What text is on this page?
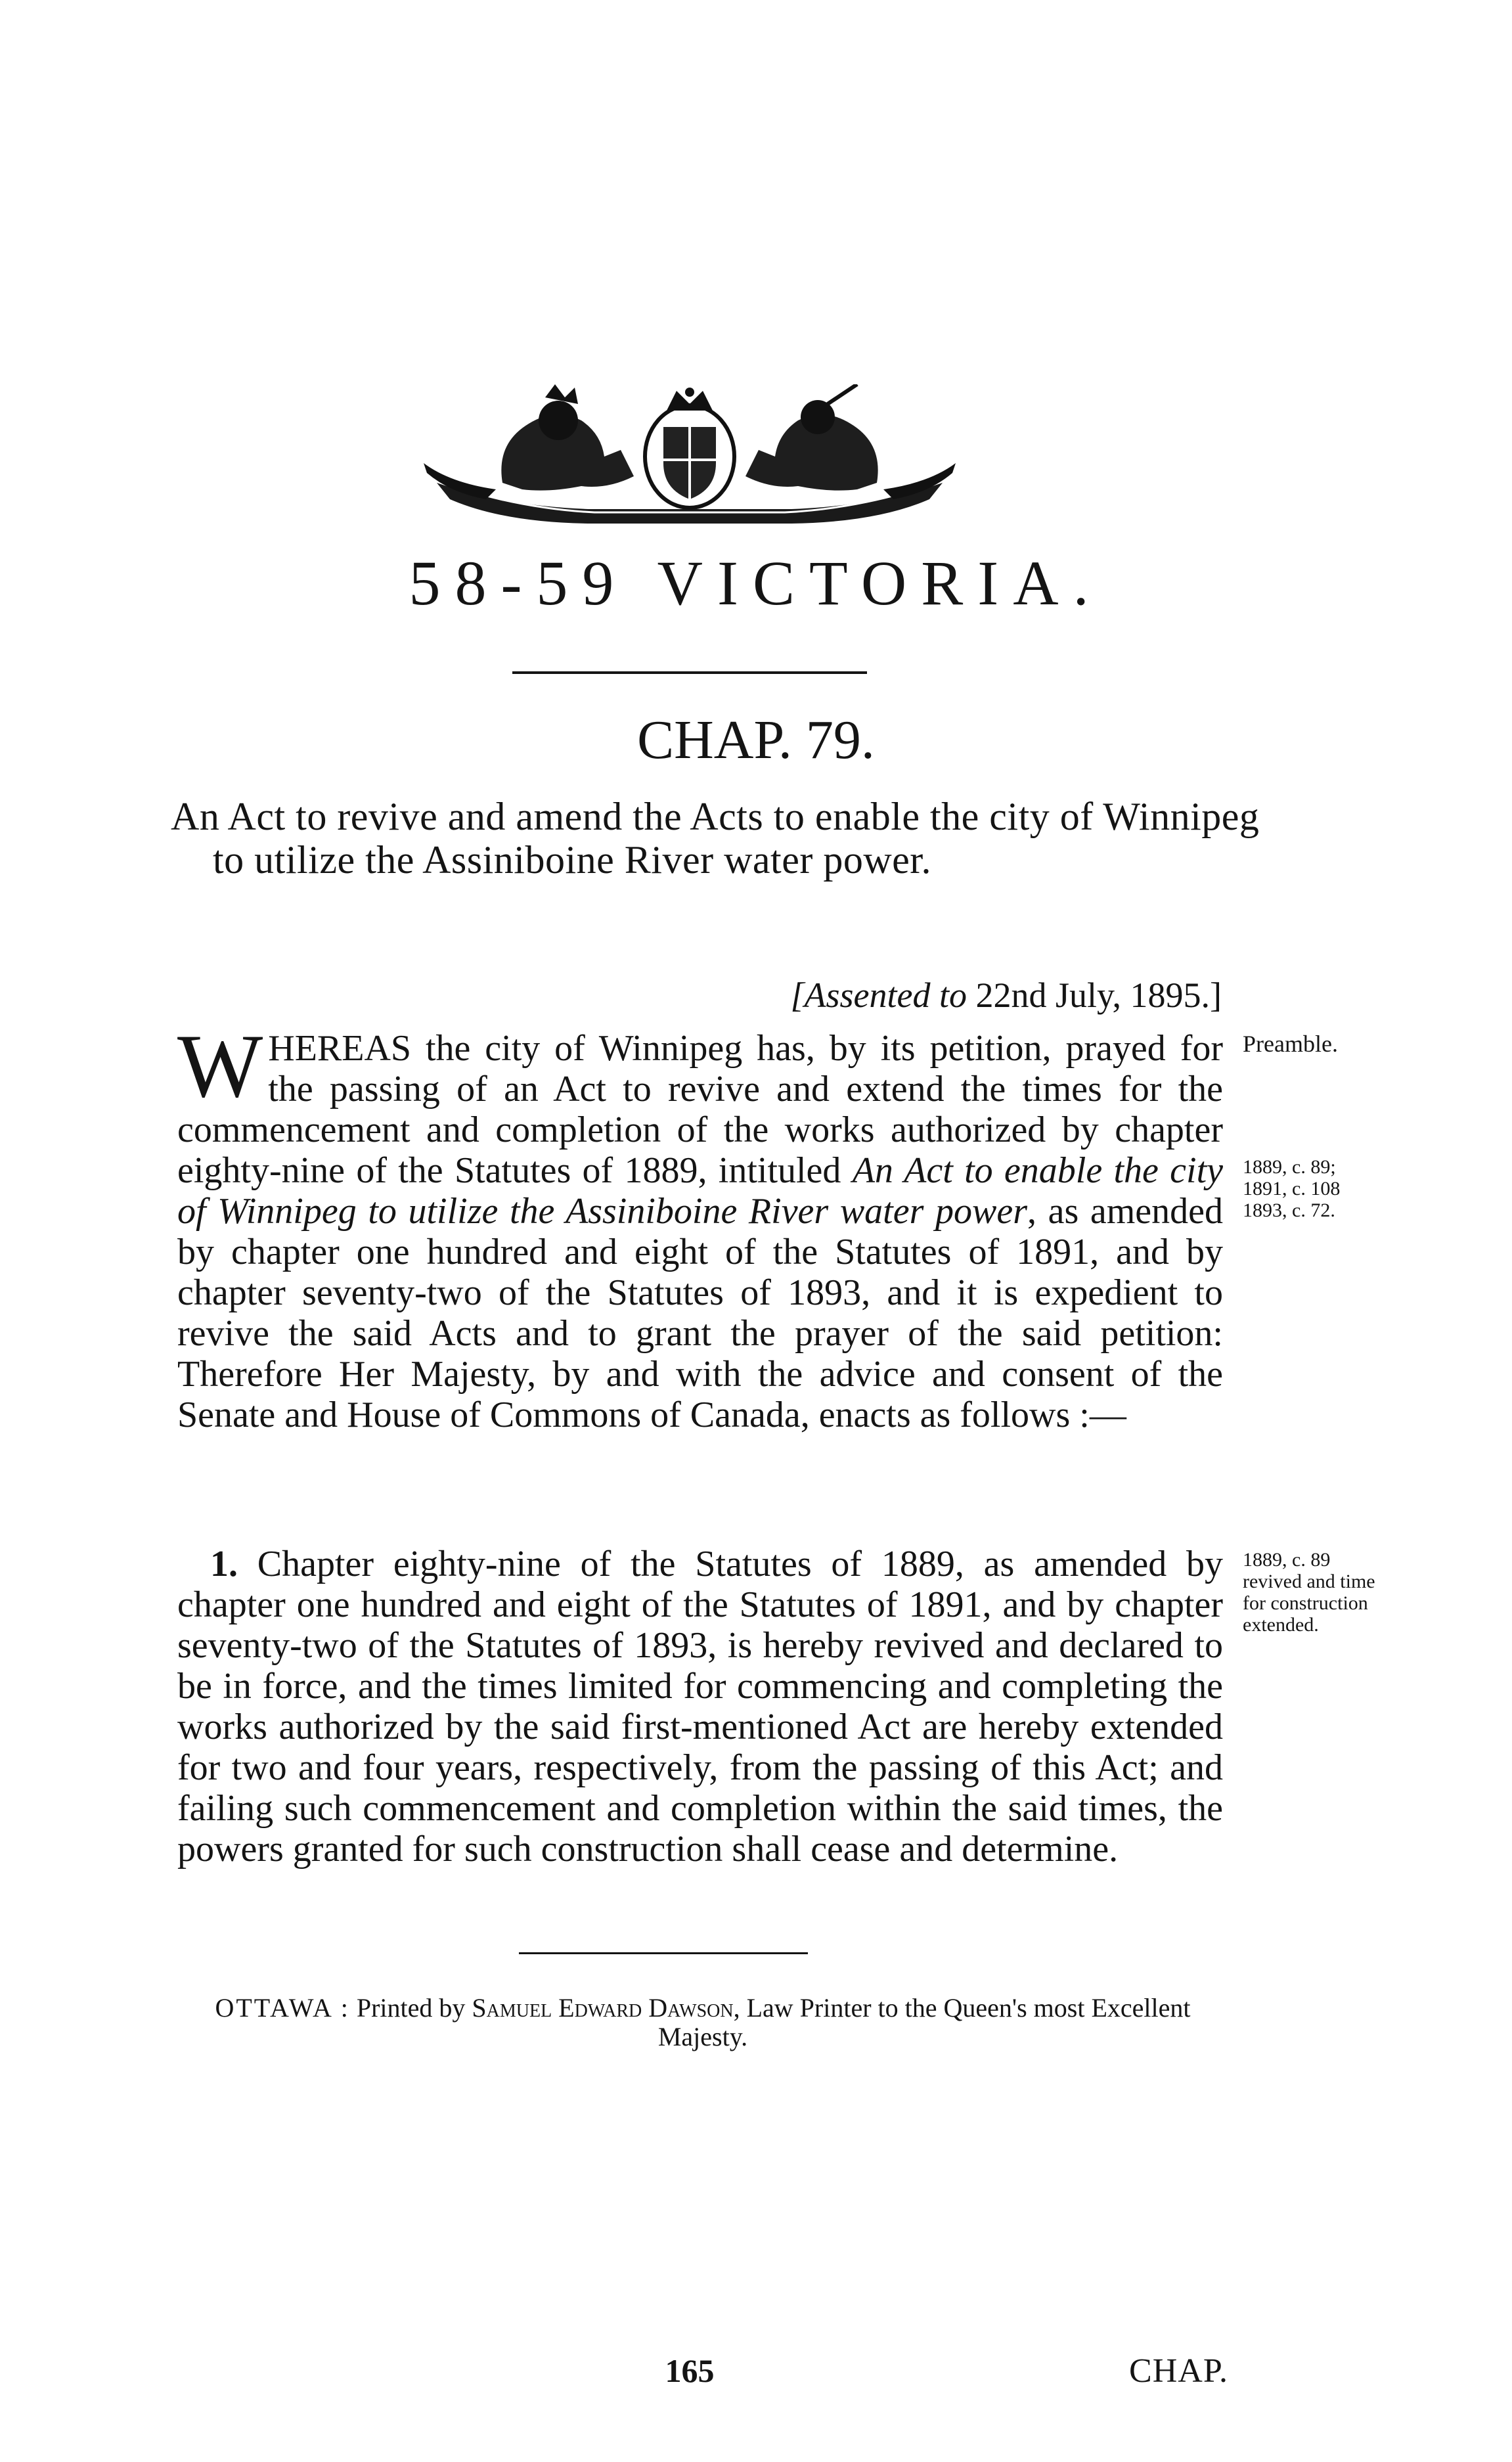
58-59 VICTORIA.
CHAP. 79.
An Act to revive and amend the Acts to enable the city of Winnipeg to utilize the Assiniboine River water power.
[Assented to 22nd July, 1895.]
WHEREAS the city of Winnipeg has, by its petition, prayed for the passing of an Act to revive and extend the times for the commencement and completion of the works authorized by chapter eighty-nine of the Statutes of 1889, intituled An Act to enable the city of Winnipeg to utilize the Assiniboine River water power, as amended by chapter one hundred and eight of the Statutes of 1891, and by chapter seventy-two of the Statutes of 1893, and it is expedient to revive the said Acts and to grant the prayer of the said petition: Therefore Her Majesty, by and with the advice and consent of the Senate and House of Commons of Canada, enacts as follows :—
Preamble.
1889, c. 89;
1891, c. 108
1893, c. 72.
1. Chapter eighty-nine of the Statutes of 1889, as amended by chapter one hundred and eight of the Statutes of 1891, and by chapter seventy-two of the Statutes of 1893, is hereby revived and declared to be in force, and the times limited for commencing and completing the works authorized by the said first-mentioned Act are hereby extended for two and four years, respectively, from the passing of this Act; and failing such commencement and completion within the said times, the powers granted for such construction shall cease and determine.
1889, c. 89 revived and time for construction extended.
OTTAWA : Printed by Samuel Edward Dawson, Law Printer to the Queen's most Excellent Majesty.
165	CHAP.
